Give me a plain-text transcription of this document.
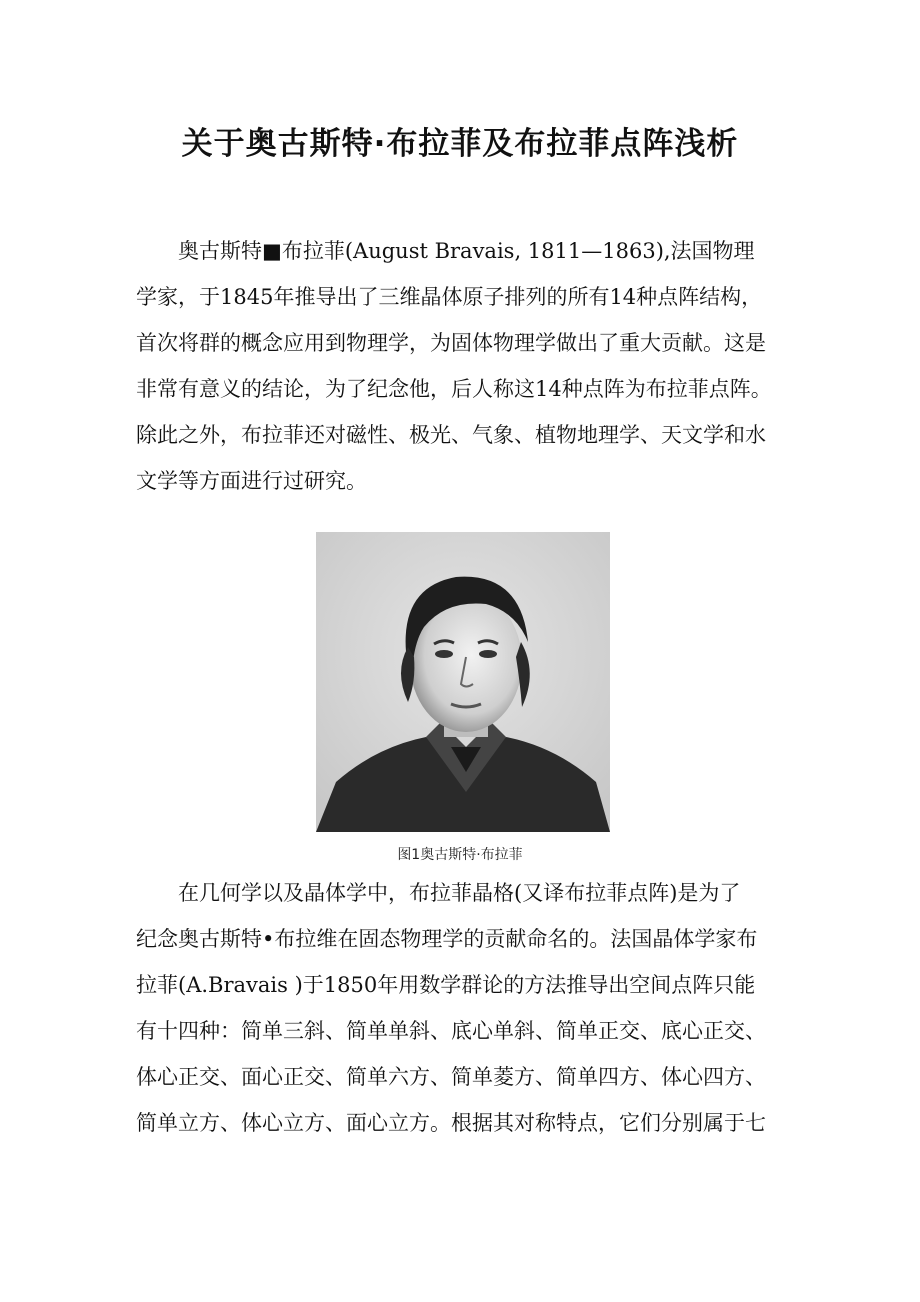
关于奥古斯特·布拉菲及布拉菲点阵浅析
奥古斯特■布拉菲(August Bravais, 1811—1863),法国物理
学家，于1845年推导出了三维晶体原子排列的所有14种点阵结构，
首次将群的概念应用到物理学，为固体物理学做出了重大贡献。这是
非常有意义的结论，为了纪念他，后人称这14种点阵为布拉菲点阵。
除此之外，布拉菲还对磁性、极光、气象、植物地理学、天文学和水
文学等方面进行过研究。
图1奥古斯特·布拉菲
在几何学以及晶体学中，布拉菲晶格(又译布拉菲点阵)是为了
纪念奥古斯特•布拉维在固态物理学的贡献命名的。法国晶体学家布
拉菲(A.Bravais )于1850年用数学群论的方法推导出空间点阵只能
有十四种：简单三斜、简单单斜、底心单斜、简单正交、底心正交、
体心正交、面心正交、简单六方、简单菱方、简单四方、体心四方、
简单立方、体心立方、面心立方。根据其对称特点，它们分别属于七
